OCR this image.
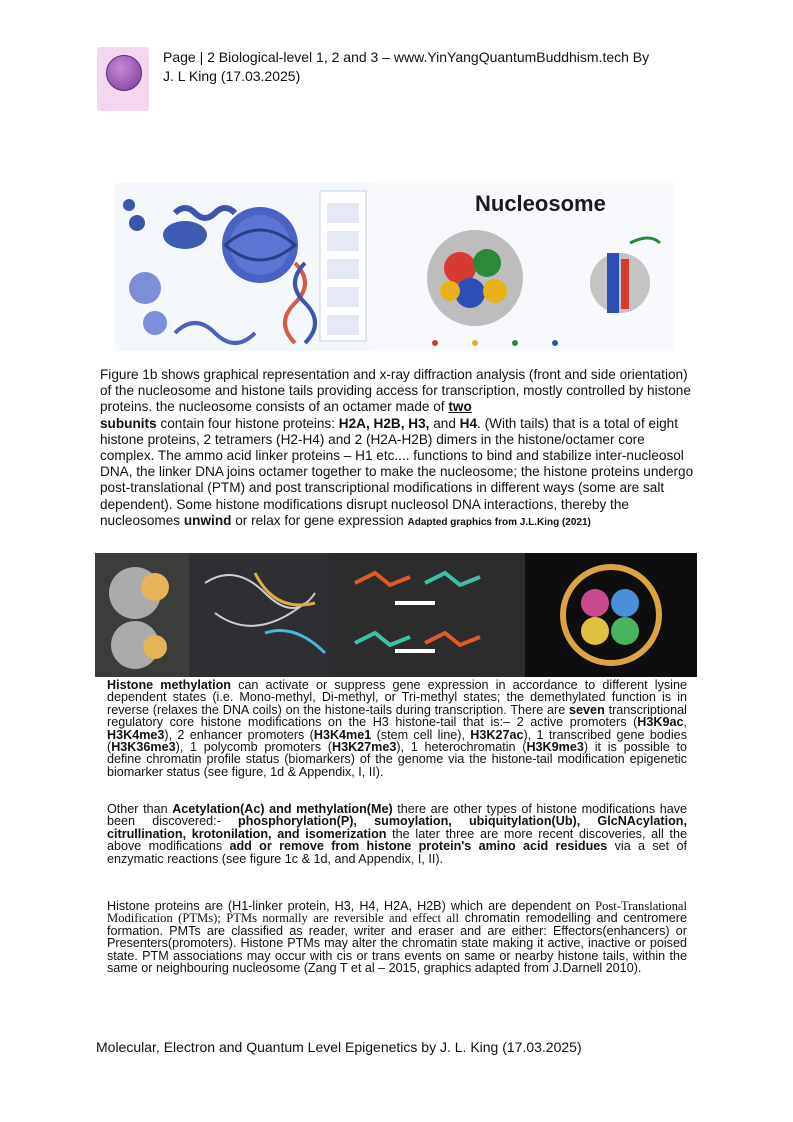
Page | 2 Biological-level 1, 2 and 3 – www.YinYangQuantumBuddhism.tech By
J. L King (17.03.2025)
Nucleosome
Figure 1b shows graphical representation and x-ray diffraction analysis (front and side orientation) of the nucleosome and histone tails providing access for transcription, mostly controlled by histone proteins. the nucleosome consists of an octamer made of two
subunits contain four histone proteins: H2A, H2B, H3, and H4. (With tails) that is a total of eight histone proteins, 2 tetramers (H2-H4) and 2 (H2A-H2B) dimers in the histone/octamer core complex. The ammo acid linker proteins – H1 etc.... functions to bind and stabilize inter-nucleosol DNA, the linker DNA joins octamer together to make the nucleosome; the histone proteins undergo post-translational (PTM) and post transcriptional modifications in different ways (some are salt dependent). Some histone modifications disrupt nucleosol DNA interactions, thereby the nucleosomes unwind or relax for gene expression Adapted graphics from J.L.King (2021)
Histone methylation can activate or suppress gene expression in accordance to different lysine dependent states (i.e. Mono-methyl, Di-methyl, or Tri-methyl states; the demethylated function is in reverse (relaxes the DNA coils) on the histone-tails during transcription. There are seven transcriptional regulatory core histone modifications on the H3 histone-tail that is:– 2 active promoters (H3K9ac, H3K4me3), 2 enhancer promoters (H3K4me1 (stem cell line), H3K27ac), 1 transcribed gene bodies (H3K36me3), 1 polycomb promoters (H3K27me3), 1 heterochromatin (H3K9me3) it is possible to define chromatin profile status (biomarkers) of the genome via the histone-tail modification epigenetic biomarker status (see figure, 1d & Appendix, I, II).
Other than Acetylation(Ac) and methylation(Me) there are other types of histone modifications have been discovered:- phosphorylation(P), sumoylation, ubiquitylation(Ub), GlcNAcylation, citrullination, krotonilation, and isomerization the later three are more recent discoveries, all the above modifications add or remove from histone protein's amino acid residues via a set of enzymatic reactions (see figure 1c & 1d, and Appendix, I, II).
Histone proteins are (H1-linker protein, H3, H4, H2A, H2B) which are dependent on Post-Translational Modification (PTMs); PTMs normally are reversible and effect all chromatin remodelling and centromere formation. PMTs are classified as reader, writer and eraser and are either: Effectors(enhancers) or Presenters(promoters). Histone PTMs may alter the chromatin state making it active, inactive or poised state. PTM associations may occur with cis or trans events on same or nearby histone tails, within the same or neighbouring nucleosome (Zang T et al – 2015, graphics adapted from J.Darnell 2010).
Molecular, Electron and Quantum Level Epigenetics by J. L. King (17.03.2025)
